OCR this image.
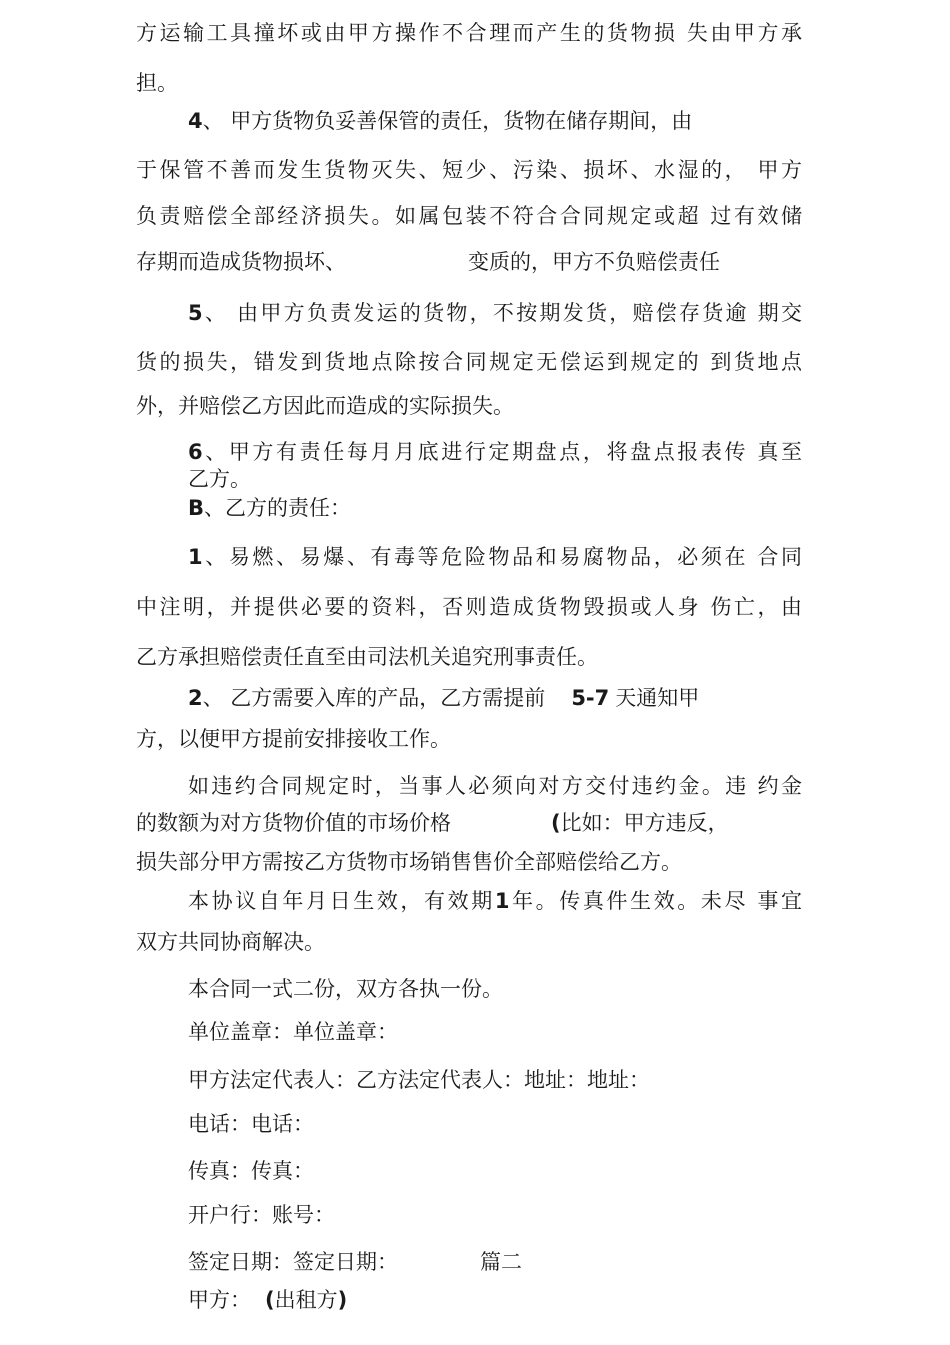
方运输工具撞坏或由甲方操作不合理而产生的货物损 失由甲方承
担。
4、 甲方货物负妥善保管的责任，货物在储存期间，由
于保管不善而发生货物灭失、短少、污染、损坏、水湿的， 甲方
负责赔偿全部经济损失。如属包装不符合合同规定或超 过有效储
存期而造成货物损坏、	变质的，甲方不负赔偿责任
5、 由甲方负责发运的货物，不按期发货，赔偿存货逾 期交
货的损失，错发到货地点除按合同规定无偿运到规定的 到货地点
外，并赔偿乙方因此而造成的实际损失。
6、甲方有责任每月月底进行定期盘点，将盘点报表传 真至
乙方。
B、乙方的责任：
1、易燃、易爆、有毒等危险物品和易腐物品，必须在 合同
中注明，并提供必要的资料，否则造成货物毁损或人身 伤亡，由
乙方承担赔偿责任直至由司法机关追究刑事责任。
2、 乙方需要入库的产品，乙方需提前 5-7 天通知甲
方，以便甲方提前安排接收工作。
如违约合同规定时，当事人必须向对方交付违约金。违 约金
的数额为对方货物价值的市场价格	(比如：甲方违反，
损失部分甲方需按乙方货物市场销售售价全部赔偿给乙方。
本协议自年月日生效，有效期1年。传真件生效。未尽 事宜
双方共同协商解决。
本合同一式二份，双方各执一份。
单位盖章：单位盖章：
甲方法定代表人：乙方法定代表人：地址：地址：
电话：电话：
传真：传真：
开户行：账号：
签定日期：签定日期：	篇二
甲方： (出租方)
